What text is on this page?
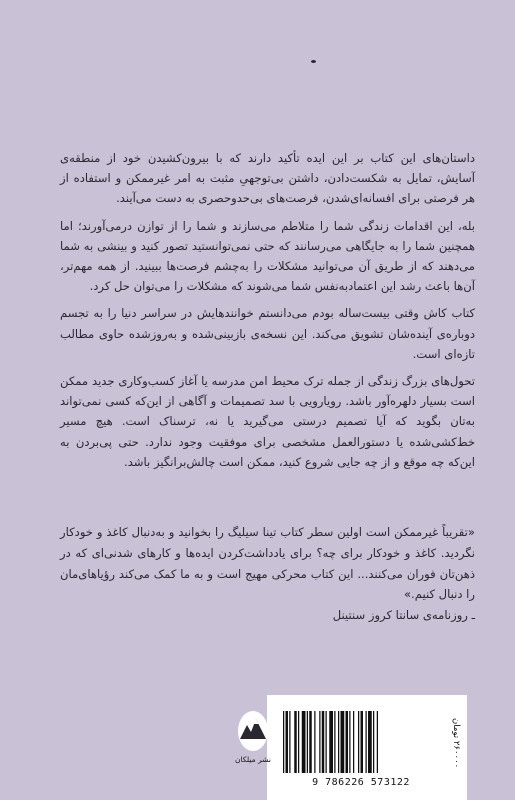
داستان‌های این کتاب بر این ایده تأکید دارند که با بیرون‌کشیدن خود از منطقه‌ی آسایش، تمایل به شکست‌دادن، داشتن بی‌توجهیِ مثبت به امر غیرممکن و استفاده از هر فرصتی برای افسانه‌ای‌شدن، فرصت‌های بی‌حدوحصری به دست می‌آیند.

بله، این اقدامات زندگی شما را متلاطم می‌سازند و شما را از توازن درمی‌آورند؛ اما همچنین شما را به جایگاهی می‌رسانند که حتی نمی‌توانستید تصور کنید و بینشی به شما می‌دهند که از طریق آن می‌توانید مشکلات را به‌چشم فرصت‌ها ببینید. از همه مهم‌تر، آن‌ها باعث رشد این اعتمادبه‌نفس شما می‌شوند که مشکلات را می‌توان حل کرد.

کتاب کاش وقتی بیست‌ساله بودم می‌دانستم خوانندهایش در سراسر دنیا را به تجسم دوباره‌ی آینده‌شان تشویق می‌کند. این نسخه‌ی بازبینی‌شده و به‌روزشده حاوی مطالب تازه‌ای است.

تحول‌های بزرگ زندگی از جمله ترک محیط امن مدرسه یا آغاز کسب‌وکاری جدید ممکن است بسیار دلهره‌آور باشد. رویارویی با سد تصمیمات و آگاهی از این‌که کسی نمی‌تواند به‌تان بگوید که آیا تصمیم درستی می‌گیرید یا نه، ترسناک است. هیچ مسیر خط‌کشی‌شده یا دستورالعمل مشخصی برای موفقیت وجود ندارد. حتی پی‌بردن به این‌که چه موقع و از چه جایی شروع کنید، ممکن است چالش‌برانگیز باشد.

«تقریباً غیرممکن است اولین سطر کتاب تینا سیلیگ را بخوانید و به‌دنبال کاغذ و خودکار نگردید. کاغذ و خودکار برای چه؟ برای یادداشت‌کردن ایده‌ها و کارهای شدنی‌ای که در ذهن‌تان فوران می‌کنند... این کتاب محرکی مهیج است و به ما کمک می‌کند رؤیاهای‌مان را دنبال کنیم.»

ـ روزنامه‌ی سانتا کروز سنتینل

9 786226 573122
۲۶۰۰۰۰ تومان
نشر میلکان
